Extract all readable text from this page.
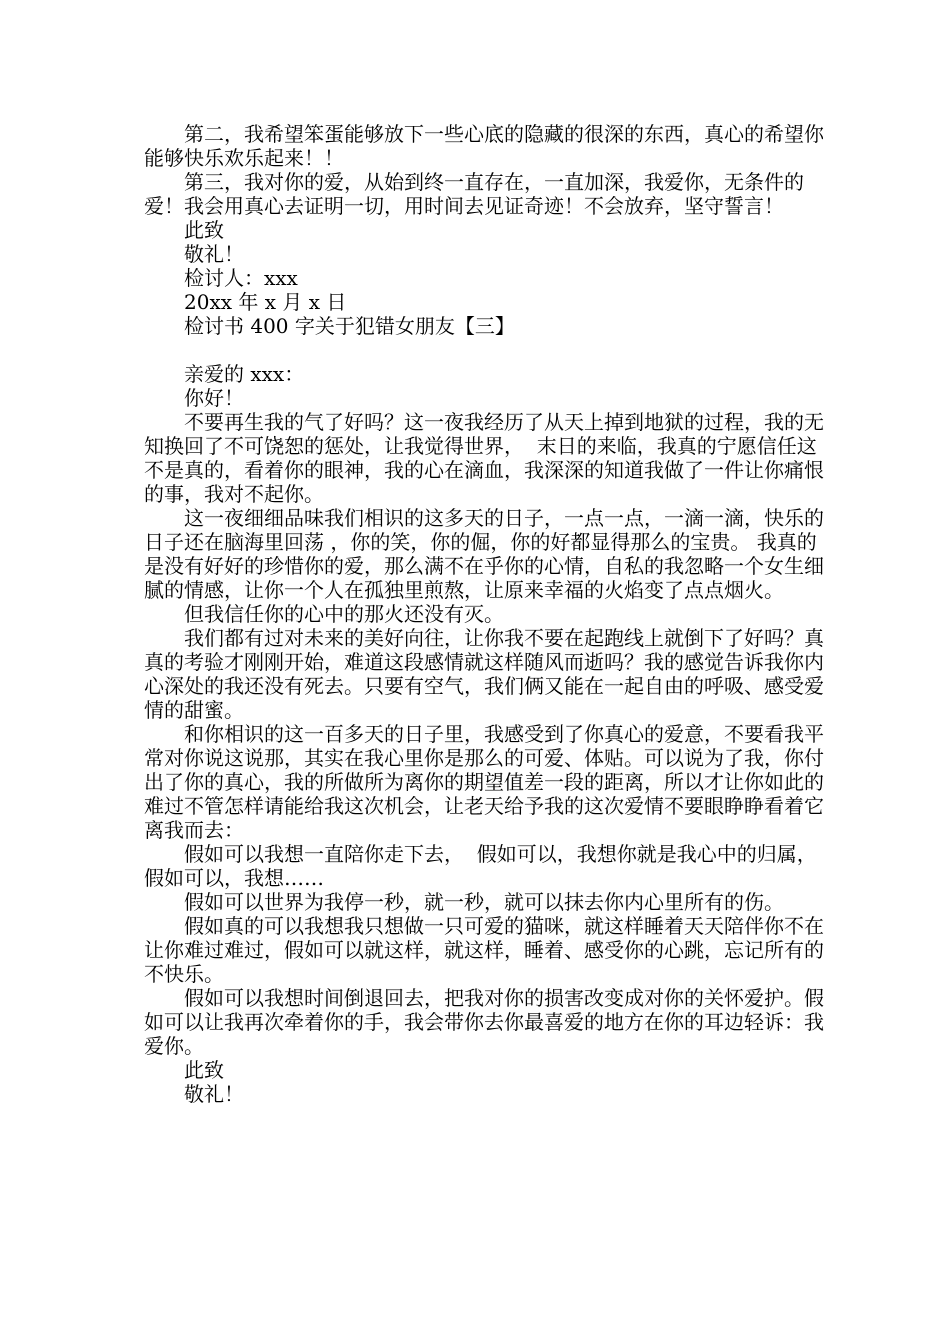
第二，我希望笨蛋能够放下一些心底的隐藏的很深的东西，真心的希望你能够快乐欢乐起来！！

第三，我对你的爱，从始到终一直存在，一直加深，我爱你，无条件的爱！我会用真心去证明一切，用时间去见证奇迹！不会放弃，坚守誓言！

此致

敬礼！

检讨人：xxx

20xx 年 x 月 x 日

检讨书 400 字关于犯错女朋友【三】

亲爱的 xxx：

你好！

不要再生我的气了好吗？这一夜我经历了从天上掉到地狱的过程，我的无知换回了不可饶恕的惩处，让我觉得世界，  末日的来临，我真的宁愿信任这不是真的，看着你的眼神，我的心在滴血，我深深的知道我做了一件让你痛恨的事，我对不起你。

这一夜细细品味我们相识的这多天的日子，一点一点，一滴一滴，快乐的日子还在脑海里回荡 ，你的笑，你的倔，你的好都显得那么的宝贵。 我真的是没有好好的珍惜你的爱，那么满不在乎你的心情，自私的我忽略一个女生细腻的情感，让你一个人在孤独里煎熬，让原来幸福的火焰变了点点烟火。

但我信任你的心中的那火还没有灭。

我们都有过对未来的美好向往，让你我不要在起跑线上就倒下了好吗？真真的考验才刚刚开始，难道这段感情就这样随风而逝吗？我的感觉告诉我你内心深处的我还没有死去。只要有空气，我们俩又能在一起自由的呼吸、感受爱情的甜蜜。

和你相识的这一百多天的日子里，我感受到了你真心的爱意，不要看我平常对你说这说那，其实在我心里你是那么的可爱、体贴。可以说为了我，你付出了你的真心，我的所做所为离你的期望值差一段的距离，所以才让你如此的难过不管怎样请能给我这次机会，让老天给予我的这次爱情不要眼睁睁看着它离我而去：

假如可以我想一直陪你走下去，  假如可以，我想你就是我心中的归属，假如可以，我想……

假如可以世界为我停一秒，就一秒，就可以抹去你内心里所有的伤。

假如真的可以我想我只想做一只可爱的猫咪，就这样睡着天天陪伴你不在让你难过难过，假如可以就这样，就这样，睡着、感受你的心跳，忘记所有的不快乐。

假如可以我想时间倒退回去，把我对你的损害改变成对你的关怀爱护。假如可以让我再次牵着你的手，我会带你去你最喜爱的地方在你的耳边轻诉：我爱你。

此致

敬礼！
